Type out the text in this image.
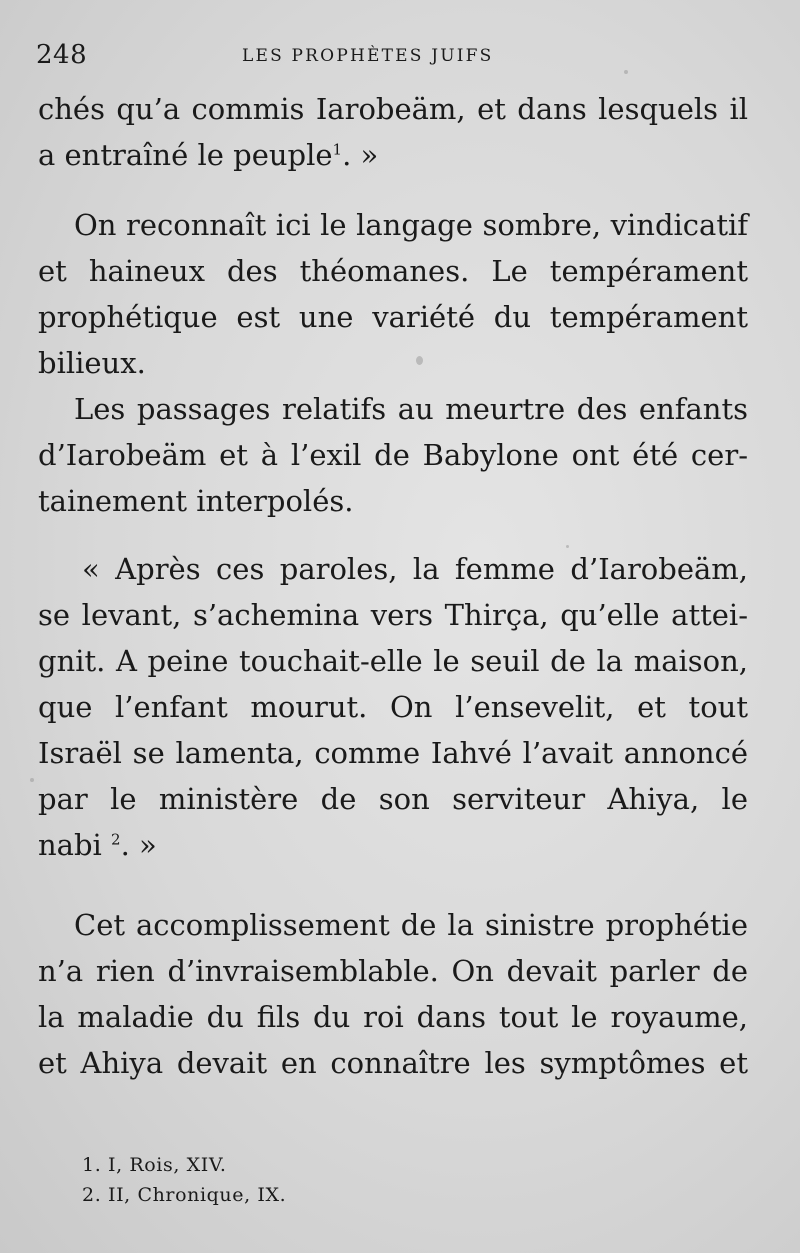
248	LES PROPHÈTES JUIFS
chés qu’a commis Iarobeäm, et dans lesquels il
a entraîné le peuple$^1$. »
On reconnaît ici le langage sombre, vindicatif
et haineux des théomanes. Le tempérament
prophétique est une variété du tempérament
bilieux.
Les passages relatifs au meurtre des enfants
d’Iarobeäm et à l’exil de Babylone ont été cer-
tainement interpolés.
« Après ces paroles, la femme d’Iarobeäm,
se levant, s’achemina vers Thirça, qu’elle attei-
gnit. A peine touchait-elle le seuil de la maison,
que l’enfant mourut. On l’ensevelit, et tout
Israël se lamenta, comme Iahvé l’avait annoncé
par le ministère de son serviteur Ahiya, le
nabi $^2$. »
Cet accomplissement de la sinistre prophétie
n’a rien d’invraisemblable. On devait parler de
la maladie du fils du roi dans tout le royaume,
et Ahiya devait en connaître les symptômes et
1. I, Rois, XIV.
2. II, Chronique, IX.
